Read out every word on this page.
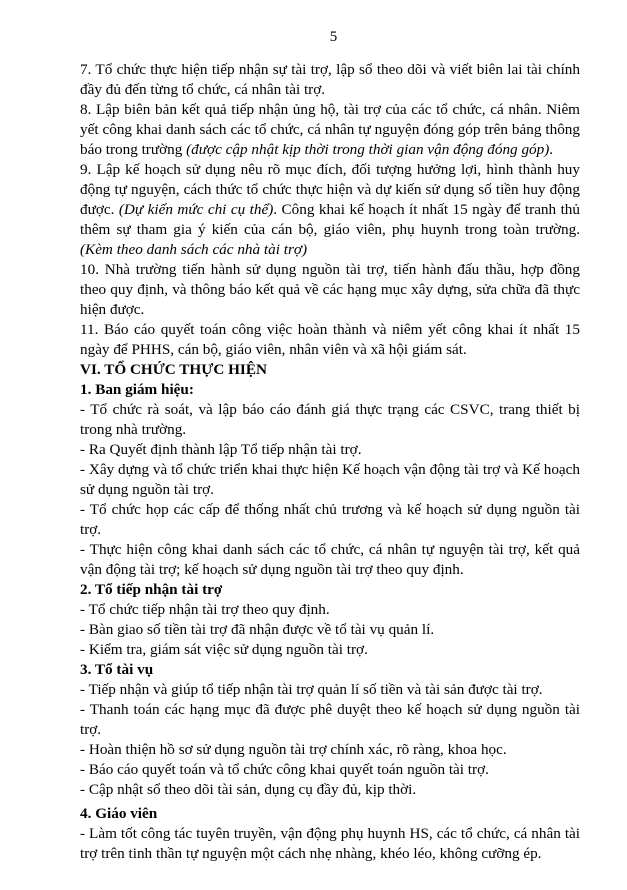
5

7. Tổ chức thực hiện tiếp nhận sự tài trợ, lập sổ theo dõi và viết biên lai tài chính đầy đủ đến từng tổ chức, cá nhân tài trợ.

8. Lập biên bản kết quả tiếp nhận ủng hộ, tài trợ của các tổ chức, cá nhân. Niêm yết công khai danh sách các tổ chức, cá nhân tự nguyện đóng góp trên bảng thông báo trong trường (được cập nhật kịp thời trong thời gian vận động đóng góp).

9. Lập kế hoạch sử dụng nêu rõ mục đích, đối tượng hưởng lợi, hình thành huy động tự nguyện, cách thức tổ chức thực hiện và dự kiến sử dụng số tiền huy động được. (Dự kiến mức chi cụ thể). Công khai kế hoạch ít nhất 15 ngày để tranh thủ thêm sự tham gia ý kiến của cán bộ, giáo viên, phụ huynh trong toàn trường. (Kèm theo danh sách các nhà tài trợ)

10. Nhà trường tiến hành sử dụng nguồn tài trợ, tiến hành đấu thầu, hợp đồng theo quy định, và thông báo kết quả về các hạng mục xây dựng, sửa chữa đã thực hiện được.

11. Báo cáo quyết toán công việc hoàn thành và niêm yết công khai ít nhất 15 ngày để PHHS, cán bộ, giáo viên, nhân viên và xã hội giám sát.

VI. TỔ CHỨC THỰC HIỆN

1. Ban giám hiệu:

- Tổ chức rà soát, và lập báo cáo đánh giá thực trạng các CSVC, trang thiết bị trong nhà trường.

- Ra Quyết định thành lập Tổ tiếp nhận tài trợ.

- Xây dựng và tổ chức triển khai thực hiện Kế hoạch vận động tài trợ và Kế hoạch sử dụng nguồn tài trợ.

- Tổ chức họp các cấp để thống nhất chủ trương và kế hoạch sử dụng nguồn tài trợ.

- Thực hiện công khai danh sách các tổ chức, cá nhân tự nguyện tài trợ, kết quả vận động tài trợ; kế hoạch sử dụng nguồn tài trợ theo quy định.

2. Tổ tiếp nhận tài trợ

- Tổ chức tiếp nhận tài trợ theo quy định.

- Bàn giao số tiền tài trợ đã nhận được về tổ tài vụ quản lí.

- Kiểm tra, giám sát việc sử dụng nguồn tài trợ.

3. Tổ tài vụ

- Tiếp nhận và giúp tổ tiếp nhận tài trợ quản lí số tiền và tài sản được tài trợ.

- Thanh toán các hạng mục đã được phê duyệt theo kế hoạch sử dụng nguồn tài trợ.

- Hoàn thiện hồ sơ sử dụng nguồn tài trợ chính xác, rõ ràng, khoa học.

- Báo cáo quyết toán và tổ chức công khai quyết toán nguồn tài trợ.

- Cập nhật sổ theo dõi tài sản, dụng cụ đầy đủ, kịp thời.

4. Giáo viên

- Làm tốt công tác tuyên truyền, vận động phụ huynh HS, các tổ chức, cá nhân tài trợ trên tinh thần tự nguyện một cách nhẹ nhàng, khéo léo, không cưỡng ép.
